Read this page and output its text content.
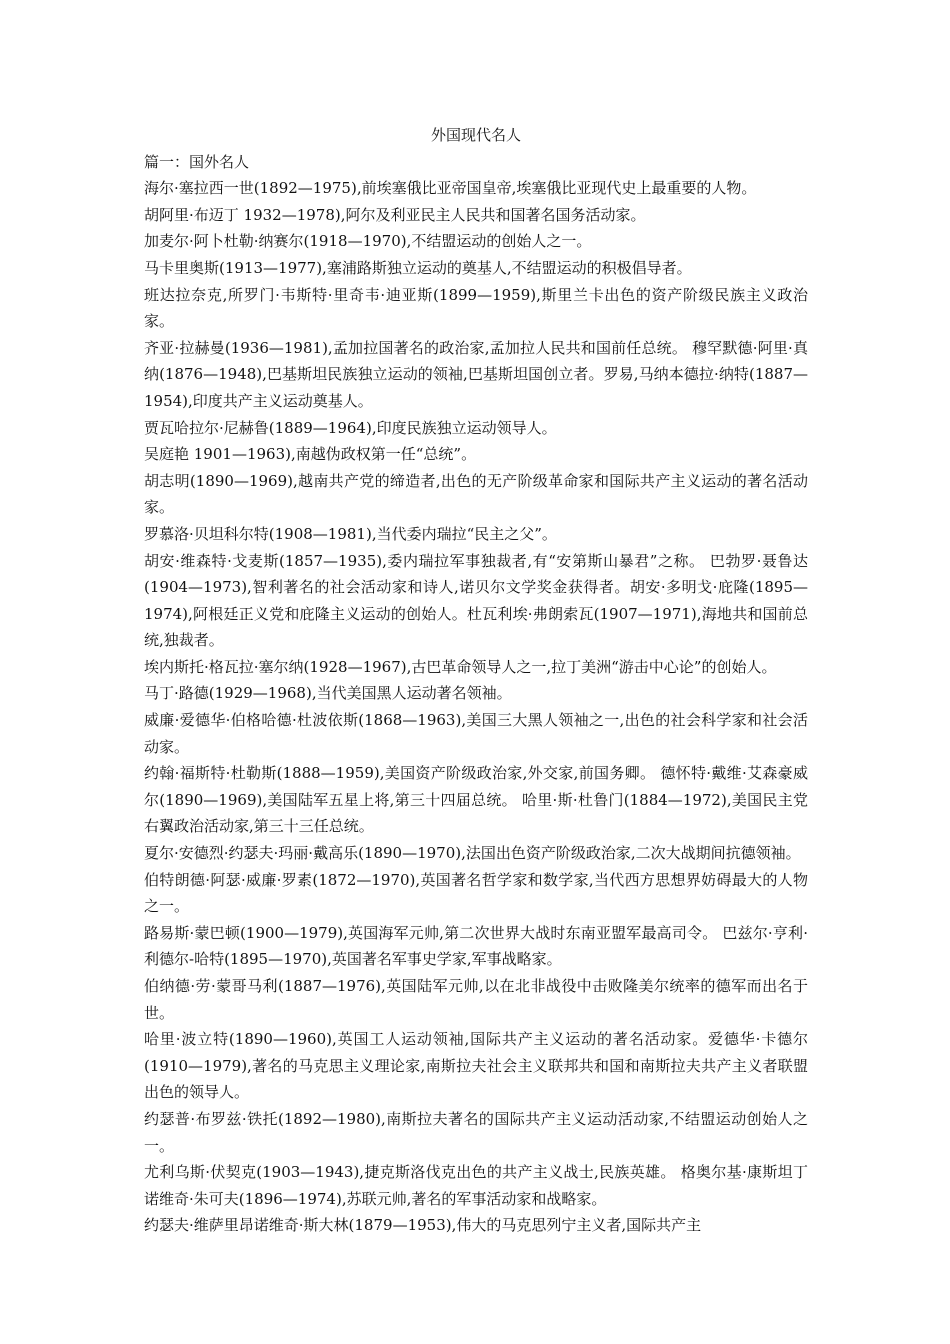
外国现代名人

篇一：国外名人

海尔·塞拉西一世(1892—1975),前埃塞俄比亚帝国皇帝,埃塞俄比亚现代史上最重要的人物。

胡阿里·布迈丁 1932—1978),阿尔及利亚民主人民共和国著名国务活动家。

加麦尔·阿卜杜勒·纳赛尔(1918—1970),不结盟运动的创始人之一。

马卡里奥斯(1913—1977),塞浦路斯独立运动的奠基人,不结盟运动的积极倡导者。

班达拉奈克,所罗门·韦斯特·里奇韦·迪亚斯(1899—1959),斯里兰卡出色的资产阶级民族主义政治家。

齐亚·拉赫曼(1936—1981),孟加拉国著名的政治家,孟加拉人民共和国前任总统。 穆罕默德·阿里·真纳(1876—1948),巴基斯坦民族独立运动的领袖,巴基斯坦国创立者。罗易,马纳本德拉·纳特(1887—1954),印度共产主义运动奠基人。

贾瓦哈拉尔·尼赫鲁(1889—1964),印度民族独立运动领导人。

吴庭艳 1901—1963),南越伪政权第一任“总统”。

胡志明(1890—1969),越南共产党的缔造者,出色的无产阶级革命家和国际共产主义运动的著名活动家。

罗慕洛·贝坦科尔特(1908—1981),当代委内瑞拉“民主之父”。

胡安·维森特·戈麦斯(1857—1935),委内瑞拉军事独裁者,有“安第斯山暴君”之称。 巴勃罗·聂鲁达(1904—1973),智利著名的社会活动家和诗人,诺贝尔文学奖金获得者。胡安·多明戈·庇隆(1895—1974),阿根廷正义党和庇隆主义运动的创始人。杜瓦利埃·弗朗索瓦(1907—1971),海地共和国前总统,独裁者。

埃内斯托·格瓦拉·塞尔纳(1928—1967),古巴革命领导人之一,拉丁美洲“游击中心论”的创始人。

马丁·路德(1929—1968),当代美国黑人运动著名领袖。

威廉·爱德华·伯格哈德·杜波依斯(1868—1963),美国三大黑人领袖之一,出色的社会科学家和社会活动家。

约翰·福斯特·杜勒斯(1888—1959),美国资产阶级政治家,外交家,前国务卿。 德怀特·戴维·艾森豪威尔(1890—1969),美国陆军五星上将,第三十四届总统。 哈里·斯·杜鲁门(1884—1972),美国民主党右翼政治活动家,第三十三任总统。

夏尔·安德烈·约瑟夫·玛丽·戴高乐(1890—1970),法国出色资产阶级政治家,二次大战期间抗德领袖。

伯特朗德·阿瑟·威廉·罗素(1872—1970),英国著名哲学家和数学家,当代西方思想界妨碍最大的人物之一。

路易斯·蒙巴顿(1900—1979),英国海军元帅,第二次世界大战时东南亚盟军最高司令。 巴兹尔·亨利·利德尔-哈特(1895—1970),英国著名军事史学家,军事战略家。

伯纳德·劳·蒙哥马利(1887—1976),英国陆军元帅,以在北非战役中击败隆美尔统率的德军而出名于世。

哈里·波立特(1890—1960),英国工人运动领袖,国际共产主义运动的著名活动家。爱德华·卡德尔(1910—1979),著名的马克思主义理论家,南斯拉夫社会主义联邦共和国和南斯拉夫共产主义者联盟出色的领导人。

约瑟普·布罗兹·铁托(1892—1980),南斯拉夫著名的国际共产主义运动活动家,不结盟运动创始人之一。

尤利乌斯·伏契克(1903—1943),捷克斯洛伐克出色的共产主义战士,民族英雄。 格奥尔基·康斯坦丁诺维奇·朱可夫(1896—1974),苏联元帅,著名的军事活动家和战略家。

约瑟夫·维萨里昂诺维奇·斯大林(1879—1953),伟大的马克思列宁主义者,国际共产主
